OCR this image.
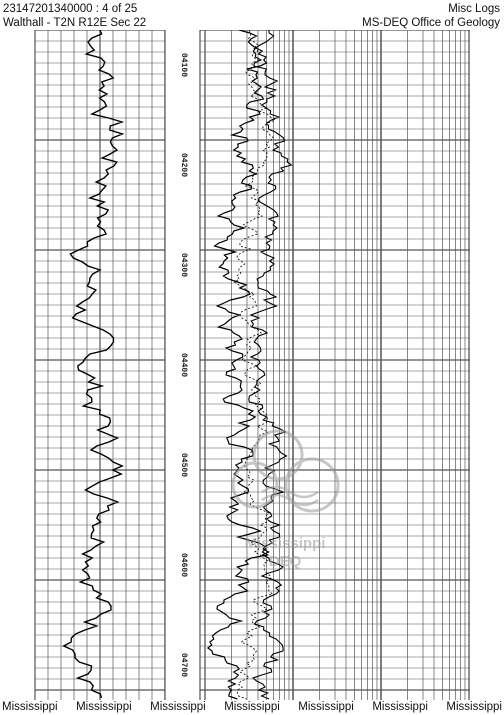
23147201340000 : 4 of 25
Walthall - T2N R12E Sec 22
Misc Logs
MS-DEQ Office of Geology
04100
04200
04300
04400
04500
04600
04700
Mississippi
DEQ
Mississippi Mississippi Mississippi Mississippi Mississippi Mississippi Mississippi
